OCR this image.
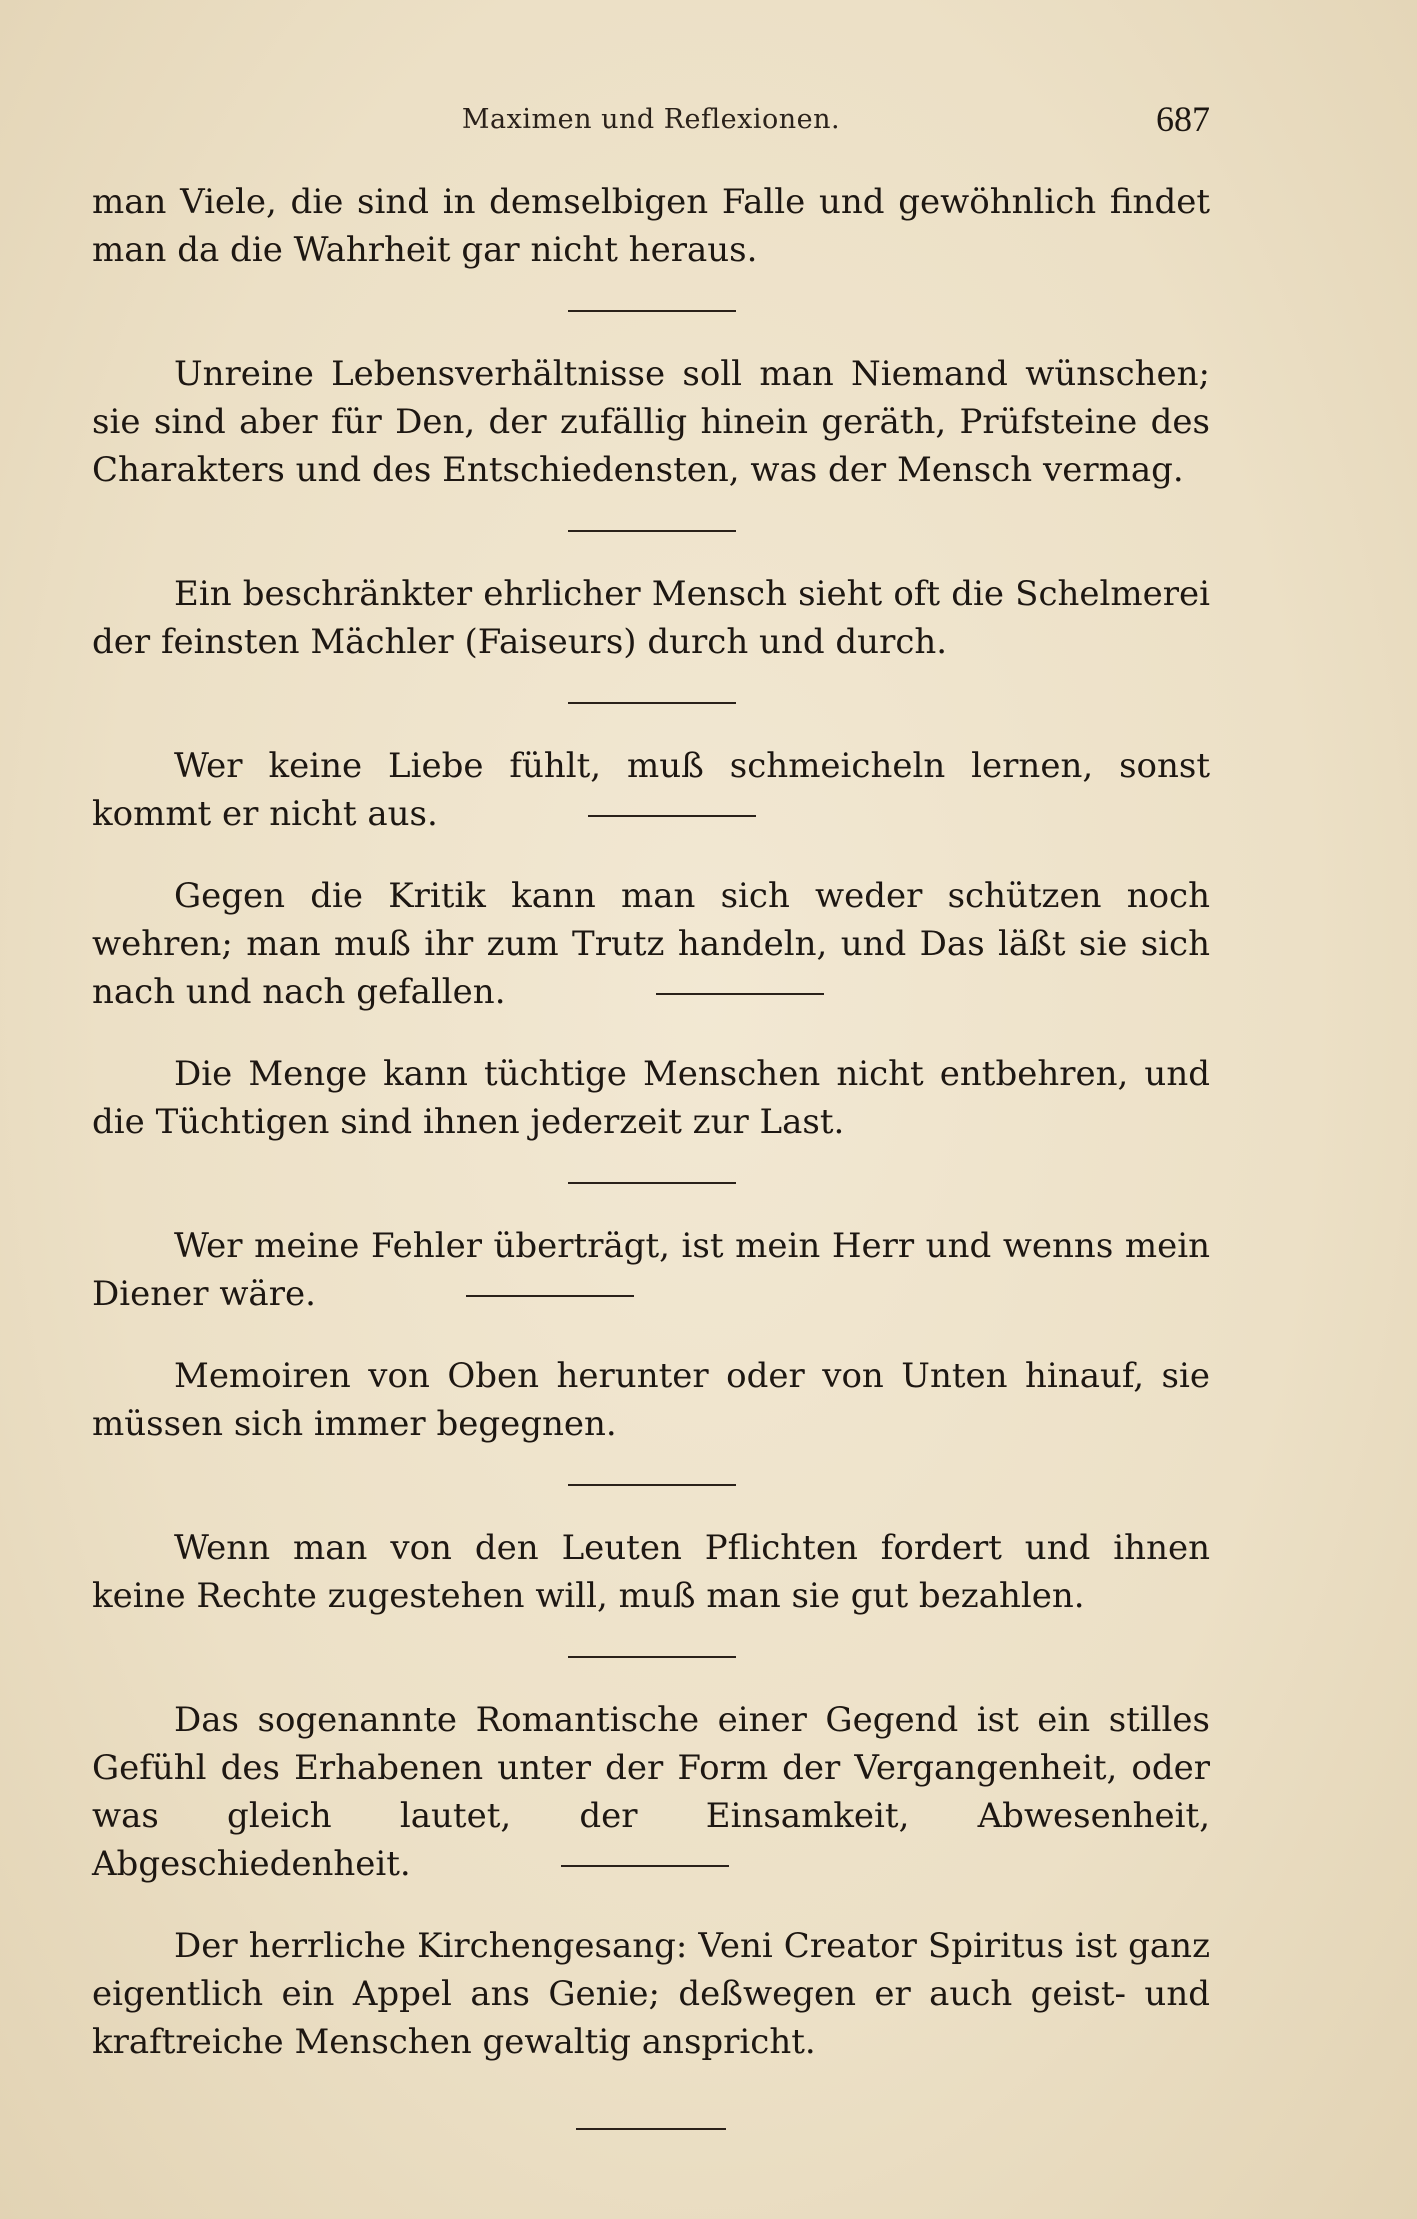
Maximen und Reflexionen.	687

man Viele, die sind in demselbigen Falle und gewöhnlich findet man da die Wahrheit gar nicht heraus.

Unreine Lebensverhältnisse soll man Niemand wünschen; sie sind aber für Den, der zufällig hinein geräth, Prüfsteine des Charakters und des Entschiedensten, was der Mensch vermag.

Ein beschränkter ehrlicher Mensch sieht oft die Schelmerei der feinsten Mächler (Faiseurs) durch und durch.

Wer keine Liebe fühlt, muß schmeicheln lernen, sonst kommt er nicht aus.

Gegen die Kritik kann man sich weder schützen noch wehren; man muß ihr zum Trutz handeln, und Das läßt sie sich nach und nach gefallen.

Die Menge kann tüchtige Menschen nicht entbehren, und die Tüchtigen sind ihnen jederzeit zur Last.

Wer meine Fehler überträgt, ist mein Herr und wenns mein Diener wäre.

Memoiren von Oben herunter oder von Unten hinauf, sie müssen sich immer begegnen.

Wenn man von den Leuten Pflichten fordert und ihnen keine Rechte zugestehen will, muß man sie gut bezahlen.

Das sogenannte Romantische einer Gegend ist ein stilles Gefühl des Erhabenen unter der Form der Vergangenheit, oder was gleich lautet, der Einsamkeit, Abwesenheit, Abgeschiedenheit.

Der herrliche Kirchengesang: Veni Creator Spiritus ist ganz eigentlich ein Appel ans Genie; deßwegen er auch geist- und kraftreiche Menschen gewaltig anspricht.
